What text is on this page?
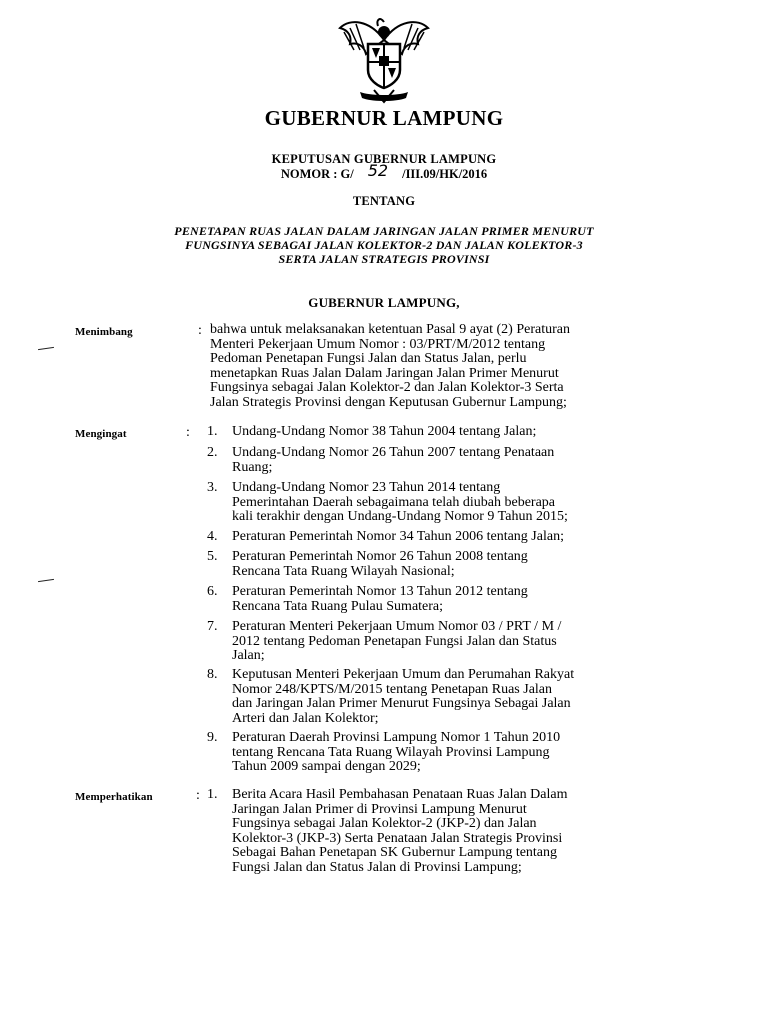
GUBERNUR LAMPUNG
KEPUTUSAN GUBERNUR LAMPUNG
NOMOR : G/ 52 /III.09/HK/2016
TENTANG
PENETAPAN RUAS JALAN DALAM JARINGAN JALAN PRIMER MENURUT
FUNGSINYA SEBAGAI JALAN KOLEKTOR-2 DAN JALAN KOLEKTOR-3
SERTA JALAN STRATEGIS PROVINSI
GUBERNUR LAMPUNG,
Menimbang	: bahwa untuk melaksanakan ketentuan Pasal 9 ayat (2) Peraturan
Menteri Pekerjaan Umum Nomor : 03/PRT/M/2012 tentang
Pedoman Penetapan Fungsi Jalan dan Status Jalan, perlu
menetapkan Ruas Jalan Dalam Jaringan Jalan Primer Menurut
Fungsinya sebagai Jalan Kolektor-2 dan Jalan Kolektor-3 Serta
Jalan Strategis Provinsi dengan Keputusan Gubernur Lampung;
Mengingat	: 1.	Undang-Undang Nomor 38 Tahun 2004 tentang Jalan;
2.	Undang-Undang Nomor 26 Tahun 2007 tentang Penataan
Ruang;
3.	Undang-Undang Nomor 23 Tahun 2014 tentang
Pemerintahan Daerah sebagaimana telah diubah beberapa
kali terakhir dengan Undang-Undang Nomor 9 Tahun 2015;
4.	Peraturan Pemerintah Nomor 34 Tahun 2006 tentang Jalan;
5.	Peraturan Pemerintah Nomor 26 Tahun 2008 tentang
Rencana Tata Ruang Wilayah Nasional;
6.	Peraturan Pemerintah Nomor 13 Tahun 2012 tentang
Rencana Tata Ruang Pulau Sumatera;
7.	Peraturan Menteri Pekerjaan Umum Nomor 03 / PRT / M /
2012 tentang Pedoman Penetapan Fungsi Jalan dan Status
Jalan;
8.	Keputusan Menteri Pekerjaan Umum dan Perumahan Rakyat
Nomor 248/KPTS/M/2015 tentang Penetapan Ruas Jalan
dan Jaringan Jalan Primer Menurut Fungsinya Sebagai Jalan
Arteri dan Jalan Kolektor;
9.	Peraturan Daerah Provinsi Lampung Nomor 1 Tahun 2010
tentang Rencana Tata Ruang Wilayah Provinsi Lampung
Tahun 2009 sampai dengan 2029;
Memperhatikan	: 1.	Berita Acara Hasil Pembahasan Penataan Ruas Jalan Dalam
Jaringan Jalan Primer di Provinsi Lampung Menurut
Fungsinya sebagai Jalan Kolektor-2 (JKP-2) dan Jalan
Kolektor-3 (JKP-3) Serta Penataan Jalan Strategis Provinsi
Sebagai Bahan Penetapan SK Gubernur Lampung tentang
Fungsi Jalan dan Status Jalan di Provinsi Lampung;
